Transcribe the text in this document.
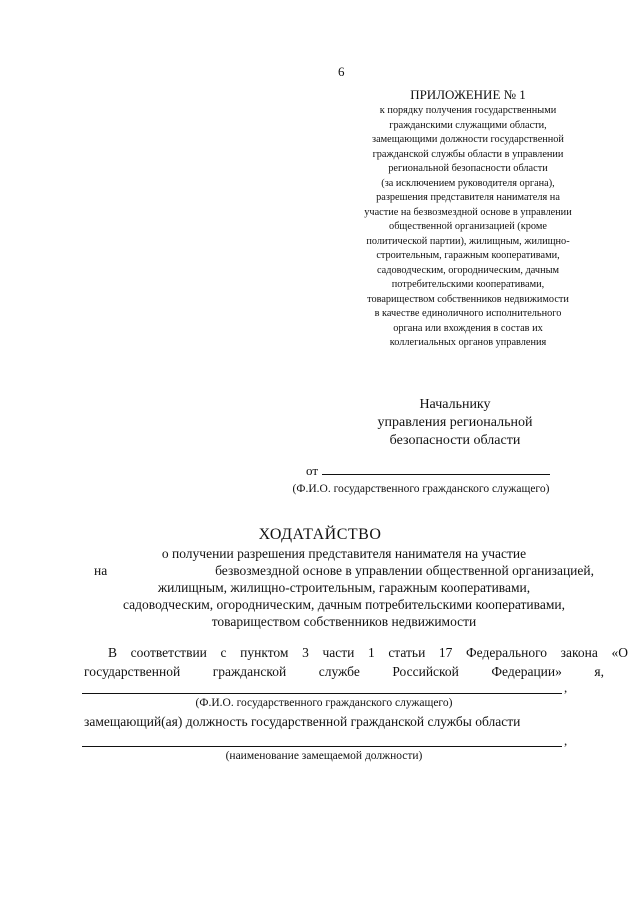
6
ПРИЛОЖЕНИЕ № 1
к порядку получения государственными
гражданскими служащими области,
замещающими должности государственной
гражданской службы области в управлении
региональной безопасности области
(за исключением руководителя органа),
разрешения представителя нанимателя на
участие на безвозмездной основе в управлении
общественной организацией (кроме
политической партии), жилищным, жилищно-
строительным, гаражным кооперативами,
садоводческим, огородническим, дачным
потребительскими кооперативами,
товариществом собственников недвижимости
в качестве единоличного исполнительного
органа или вхождения в состав их
коллегиальных органов управления
Начальнику
управления региональной
безопасности области
от
(Ф.И.О. государственного гражданского служащего)
ХОДАТАЙСТВО
о получении разрешения представителя нанимателя на участие
на	безвозмездной основе в управлении общественной организацией,
жилищным, жилищно-строительным, гаражным кооперативами,
садоводческим, огородническим, дачным потребительскими кооперативами,
товариществом собственников недвижимости
В соответствии с пунктом 3 части 1 статьи 17 Федерального закона «О
государственной гражданской службе Российской Федерации» я,
,
(Ф.И.О. государственного гражданского служащего)
замещающий(ая) должность государственной гражданской службы области
,
(наименование замещаемой должности)
